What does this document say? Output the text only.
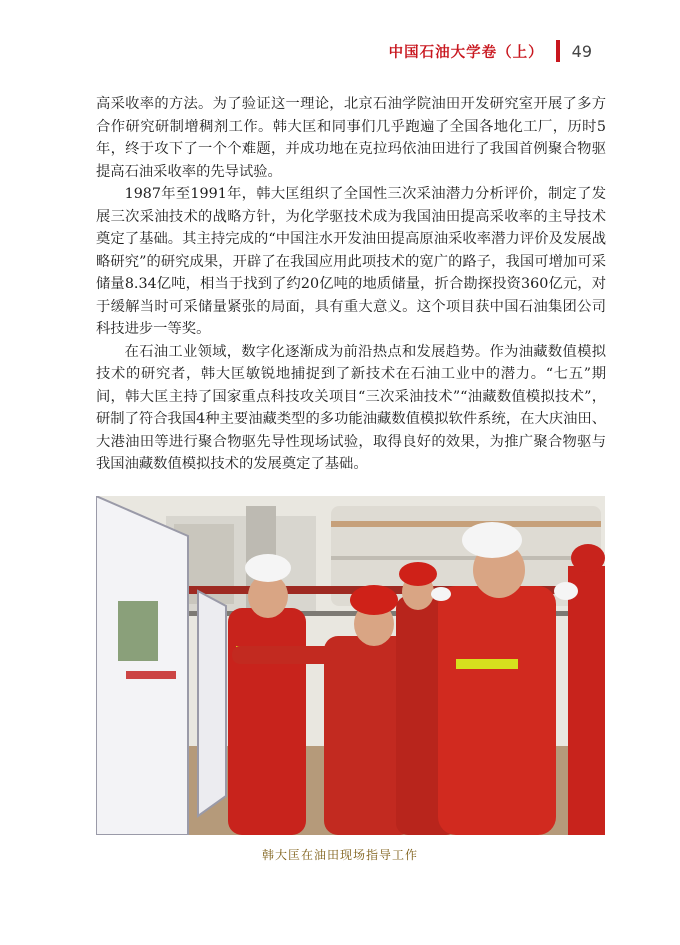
中国石油大学卷（上） 49

高采收率的方法。为了验证这一理论，北京石油学院油田开发研究室开展了多方合作研究研制增稠剂工作。韩大匡和同事们几乎跑遍了全国各地化工厂，历时5年，终于攻下了一个个难题，并成功地在克拉玛依油田进行了我国首例聚合物驱提高石油采收率的先导试验。

1987年至1991年，韩大匡组织了全国性三次采油潜力分析评价，制定了发展三次采油技术的战略方针，为化学驱技术成为我国油田提高采收率的主导技术奠定了基础。其主持完成的“中国注水开发油田提高原油采收率潜力评价及发展战略研究”的研究成果，开辟了在我国应用此项技术的宽广的路子，我国可增加可采储量8.34亿吨，相当于找到了约20亿吨的地质储量，折合勘探投资360亿元，对于缓解当时可采储量紧张的局面，具有重大意义。这个项目获中国石油集团公司科技进步一等奖。

在石油工业领域，数字化逐渐成为前沿热点和发展趋势。作为油藏数值模拟技术的研究者，韩大匡敏锐地捕捉到了新技术在石油工业中的潜力。“七五”期间，韩大匡主持了国家重点科技攻关项目“三次采油技术”“油藏数值模拟技术”，研制了符合我国4种主要油藏类型的多功能油藏数值模拟软件系统，在大庆油田、大港油田等进行聚合物驱先导性现场试验，取得良好的效果，为推广聚合物驱与我国油藏数值模拟技术的发展奠定了基础。

韩大匡在油田现场指导工作
